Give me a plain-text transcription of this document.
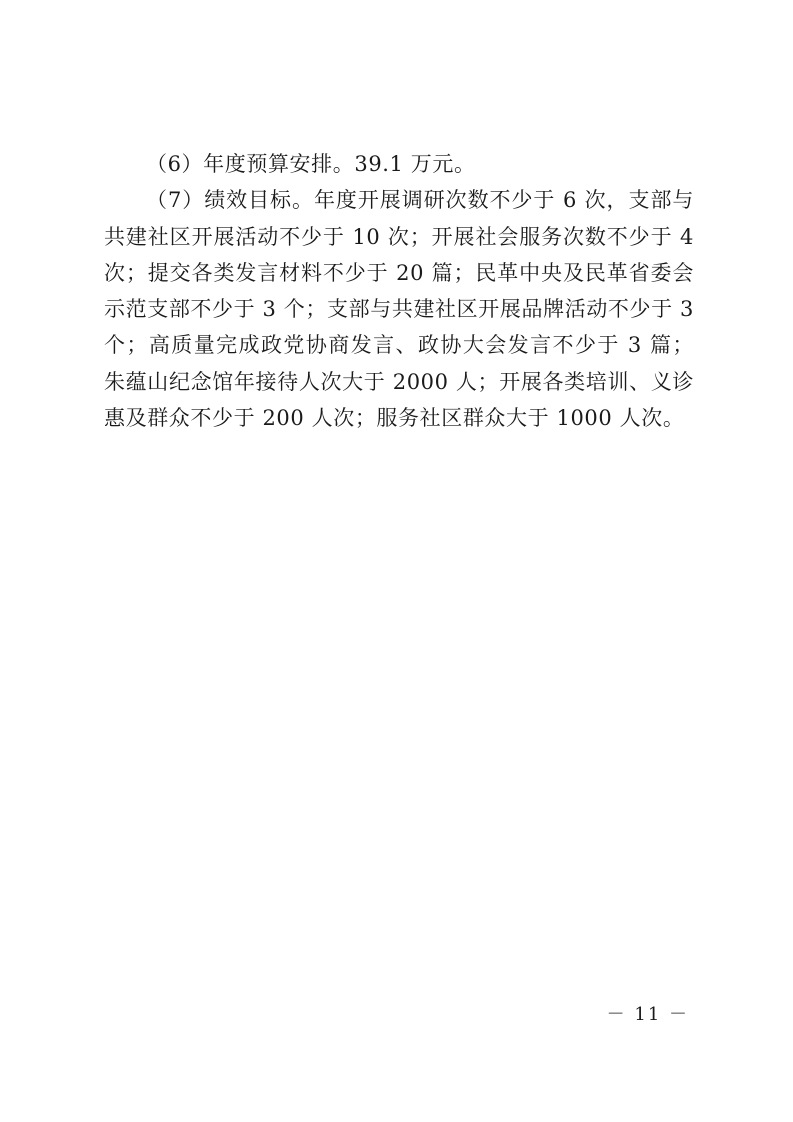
（6）年度预算安排。39.1 万元。

（7）绩效目标。年度开展调研次数不少于 6 次，支部与共建社区开展活动不少于 10 次；开展社会服务次数不少于 4 次；提交各类发言材料不少于 20 篇；民革中央及民革省委会示范支部不少于 3 个；支部与共建社区开展品牌活动不少于 3 个；高质量完成政党协商发言、政协大会发言不少于 3 篇；朱蕴山纪念馆年接待人次大于 2000 人；开展各类培训、义诊惠及群众不少于 200 人次；服务社区群众大于 1000 人次。

－ 11 －
